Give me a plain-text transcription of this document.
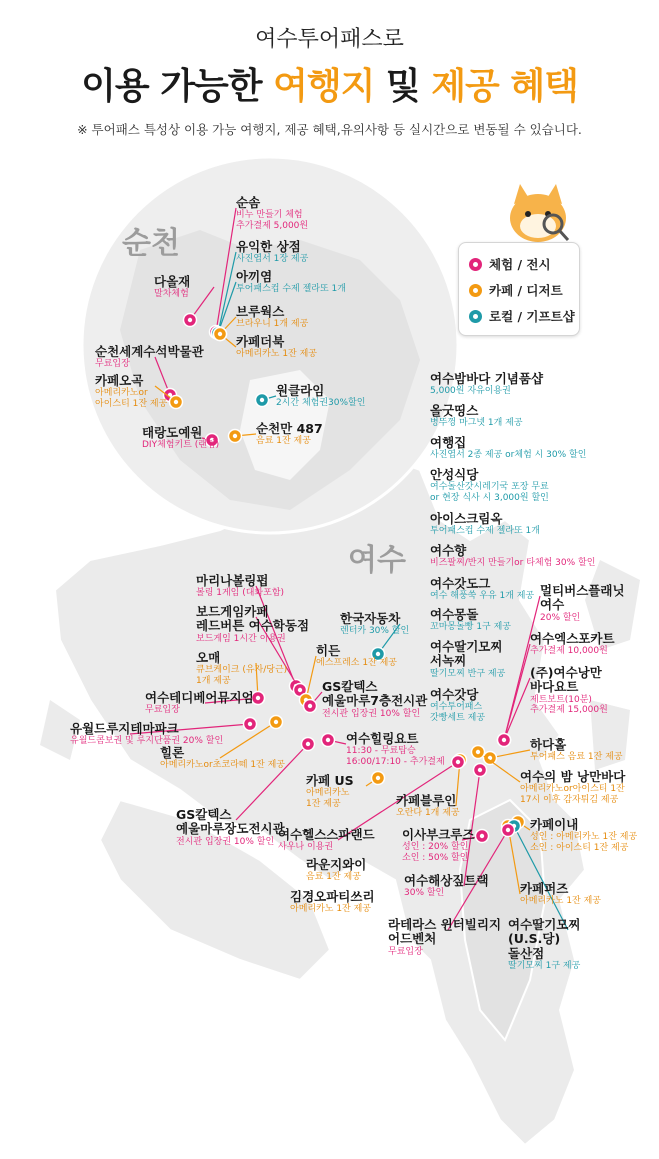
여수투어패스로
이용 가능한 여행지 및 제공 혜택
※ 투어패스 특성상 이용 가능 여행지, 제공 혜택,유의사항 등 실시간으로 변동될 수 있습니다.
순천
여수
체험 / 전시
카페 / 디저트
로컬 / 기프트샵
순솜
비누 만들기 체험
추가결제 5,000원
유익한 상점
사진엽서 1장 제공
아끼염
투어패스컵 수제 젤라또 1개
다올재
말차체험
브루웍스
브라우니 1개 제공
카페더북
아메리카노 1잔 제공
순천세계수석박물관
무료입장
카페오곡
아메리카노or
아이스티 1잔 제공
원클라임
2시간 체험권30%할인
순천만 487
음료 1잔 제공
태랑도예원
DIY체험키트 (랜덤)
여수밤바다 기념품샵
5,000원 자유이용권
올굿띵스
병뚜껑 마그넷 1개 제공
여행집
사진엽서 2종 제공 or체험 시 30% 할인
안성식당
여수돌산갓시레기국 포장 무료
or 현장 식사 시 3,000원 할인
아이스크림옥
투어패스컵 수제 젤라또 1개
여수향
비즈팔찌/반지 만들기or 타체험 30% 할인
여수갓도그
여수 해풍쑥 우유 1개 제공
여수몽돌
꼬마몽돌빵 1구 제공
여수딸기모찌
서녹찌
딸기모찌 반구 제공
여수갓당
여수투어패스
갓빵세트 제공
멀티버스플래닛
여수
20% 할인
여수엑스포카트
추가결제 10,000원
(주)여수낭만
바다요트
제트보트(10분)
추가결제 15,000원
하다홀
투어패스 음료 1잔 제공
여수의 밤 낭만바다
아메리카노or아이스티 1잔
17시 이후 감자튀김 제공
카페이내
성인 : 아메리카노 1잔 제공
소인 : 아이스티 1잔 제공
카페퍼즈
아메리카노 1잔 제공
여수딸기모찌
(U.S.당)
돌산점
딸기모찌 1구 제공
마리나볼링펍
볼링 1게임 (대화포함)
보드게임카페
레드버튼 여수학동점
보드게임 1시간 이용권
오매
큐브케이크 (유자/당근)
1개 제공
히든
에스프레소 1잔 제공
한국자동차
렌터카 30% 할인
여수테디베어뮤지엄
무료입장
GS칼텍스
예울마루7층전시관
전시관 입장권 10% 할인
유월드루지테마파크
유월드콤보권 및 루지단품권 20% 할인	여수힐링요트
11:30 - 무료탑승
16:00/17:10 - 추가결제
힐론
아메리카노or초코라떼 1잔 제공
카페 US
아메리카노
1잔 제공
GS칼텍스
예울마루장도전시관
전시관 입장권 10% 할인
카페블루인
오란다 1개 제공
이사부크루즈
성인 : 20% 할인
소인 : 50% 할인
여수헬스스파랜드
사우나 이용권
라운지와이
음료 1잔 제공	여수해상짚트랙
30% 할인
김경오파티쓰리
아메리카노 1잔 제공
라테라스 윈터빌리지
어드벤처
무료입장
